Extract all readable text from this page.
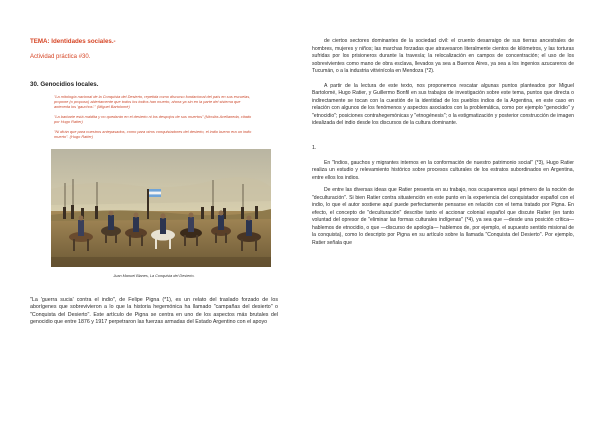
TEMA: Identidades sociales.-
Actividad práctica #30.
30. Genocidios locales.
"La mitología nacional de la Conquista del Desierto, repetida como discurso fundacional del país en sus escuelas, propone (o propuso) abiertamente que todos los indios han muerto, ahora ya sin en la parte del sistema que anteceda los 'gauchos'." (Miguel Bartolomé)
"La barbarie está maldita y no quedarán en el desierto ni los despojos de sus muertos" (Nicolás Avellaneda, citado por Hugo Ratier)
"Ni dirán que para nuestros antepasados, como para otros conquistadores del desierto, el indio bueno era un indio muerto". (Hugo Ratier)
Juan Manuel Blanes, La Conquista del Desierto.

"La 'guerra sucia' contra el indio", de Felipe Pigna (*1), es un relato del traslado forzado de los aborígenes que sobrevivieron a lo que la historia hegemónica ha llamado "campañas del desierto" o "Conquista del Desierto". Este artículo de Pigna se centra en uno de los aspectos más brutales del genocidio que entre 1876 y 1917 perpetraron las fuerzas armadas del Estado Argentino con el apoyo

de ciertos sectores dominantes de la sociedad civil: el cruento desarraigo de sus tierras ancestrales de hombres, mujeres y niños; las marchas forzadas que atravesaron literalmente cientos de kilómetros, y las torturas sufridas por los prisioneros durante la travesía; la relocalización en campos de concentración; el uso de los sobrevivientes como mano de obra esclava, llevados ya sea a Buenos Aires, ya sea a los ingenios azucareros de Tucumán, o a la industria vitivinícola en Mendoza (*2).

A partir de la lectura de este texto, nos proponemos rescatar algunas puntos planteados por Miguel Bartolomé, Hugo Ratier, y Guillermo Bonfil en sus trabajos de investigación sobre este tema, puntos que directa o indirectamente se tocan con la cuestión de la identidad de los pueblos indios de la Argentina, en este caso en relación con algunos de los fenómenos y aspectos asociados con la problemática, como por ejemplo "genocidio" y "etnocidio"; posiciones contrahegemónicas y "etnogénesis"; o la estigmatización y posterior construcción de imagen idealizada del indio desde los discursos de la cultura dominante.

1.

En "Indios, gauchos y migrantes internos en la conformación de nuestro patrimonio social" (*3), Hugo Ratier realiza un estudio y relevamiento histórico sobre procesos culturales de los estratos subordinados en Argentina, entre ellos los indios.

De entre las diversas ideas que Ratier presenta en su trabajo, nos ocuparemos aquí primero de la noción de "deculturación". Si bien Ratier contra situatención en este punto en la experiencia del conquistador español con el indio, lo que el autor sostiene aquí puede perfectamente pensarse en relación con el tema tratado por Pigna. En efecto, el concepto de "deculturación" describe tanto el accionar colonial español que discute Ratier (en tanto voluntad del opresor de "eliminar las formas culturales indígenas" (*4), ya sea que —desde una posición crítica— hablemos de etnocidio, o que —discurso de apología— hablemos de, por ejemplo, el supuesto sentido misional de la conquista), como lo descripto por Pigna en su artículo sobre la llamada "Conquista del Desierto". Por ejemplo, Ratier señala que
